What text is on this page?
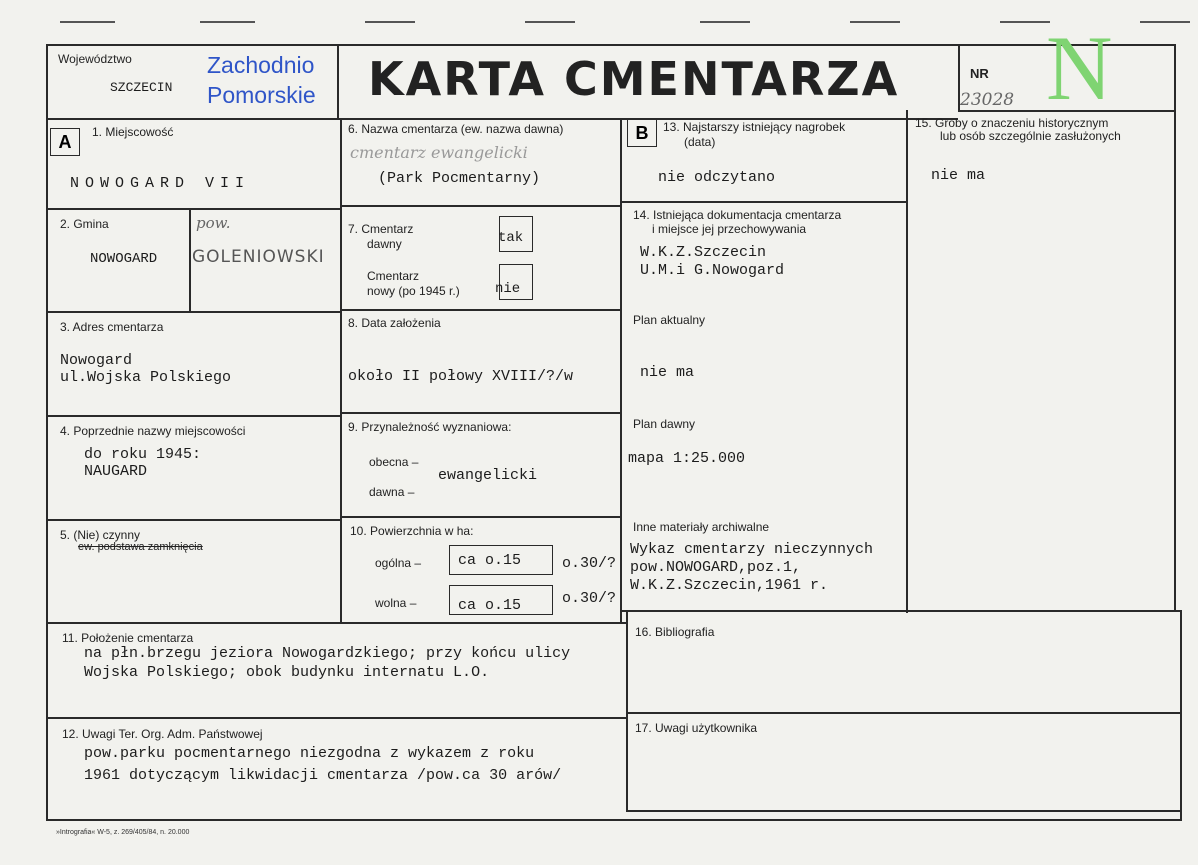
Województwo
SZCZECIN
Zachodnio
Pomorskie KARTA CMENTARZA	NR
23028 N
A	1. Miejscowość
NOWOGARD VII
2. Gmina
NOWOGARD
pow.
GOLENIOWSKI
3. Adres cmentarza
Nowogard
ul.Wojska Polskiego
4. Poprzednie nazwy miejscowości
do roku 1945:
NAUGARD
5. (Nie) czynny
ew. podstawa zamknięcia
6. Nazwa cmentarza (ew. nazwa dawna)
cmentarz ewangelicki
(Park Pocmentarny)
7. Cmentarz
dawny	tak
Cmentarz
nowy (po 1945 r.)	nie
8. Data założenia
około II połowy XVIII/?/w
9. Przynależność wyznaniowa:
obecna –
dawna –
ewangelicki
10. Powierzchnia w ha:
ogólna – ca o.15	o.30/?
wolna –	ca o.15	o.30/?
11. Położenie cmentarza
na płn.brzegu jeziora Nowogardzkiego; przy końcu ulicy
Wojska Polskiego; obok budynku internatu L.O.
12. Uwagi Ter. Org. Adm. Państwowej
pow.parku pocmentarnego niezgodna z wykazem z roku
1961 dotyczącym likwidacji cmentarza /pow.ca 30 arów/
B	13. Najstarszy istniejący nagrobek
(data)
nie odczytano
14. Istniejąca dokumentacja cmentarza
i miejsce jej przechowywania
W.K.Z.Szczecin
U.M.i G.Nowogard
Plan aktualny
nie ma
Plan dawny
mapa 1:25.000
Inne materiały archiwalne
Wykaz cmentarzy nieczynnych
pow.NOWOGARD,poz.1,
W.K.Z.Szczecin,1961 r.
15. Groby o znaczeniu historycznym
lub osób szczególnie zasłużonych
nie ma
16. Bibliografia
17. Uwagi użytkownika
»Intrografia« W-5, z. 269/405/84, n. 20.000
